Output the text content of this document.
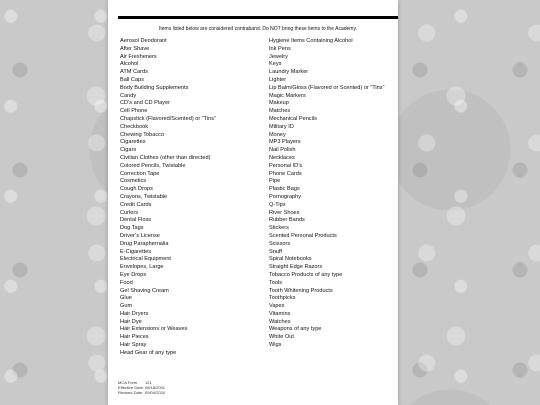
Items listed below are considered contraband. Do NOT bring these items to the Academy.
Aerosol Deodorant
After Shave
Air Fresheners
Alcohol
ATM Cards
Ball Caps
Body Building Supplements
Candy
CD’s and CD Player
Cell Phone
Chapstick (Flavored/Scented) or “Tins”
Checkbook
Chewing Tobacco
Cigarettes
Cigars
Civilian Clothes (other than directed)
Colored Pencils, Twistable
Correction Tape
Cosmetics
Cough Drops
Crayons, Twistable
Credit Cards
Curlers
Dental Floss
Dog Tags
Driver’s License
Drug Paraphernalia
E-Cigarettes
Electrical Equipment
Envelopes, Large
Eye Drops
Food
Gel Shaving Cream
Glue
Gum
Hair Dryers
Hair Dye
Hair Extensions or Weaves
Hair Pieces
Hair Spray
Head Gear of any type
Hygiene Items Containing Alcohol
Ink Pens
Jewelry
Keys
Laundry Marker
Lighter
Lip Balm/Gloss (Flavored or Scented) or “Tins”
Magic Markers
Makeup
Matches
Mechanical Pencils
Military ID
Money
MP3 Players
Nail Polish
Necklaces
Personal ID’s
Phone Cards
Pipe
Plastic Bags
Pornography
Q-Tips
River Shoes
Rubber Bands
Stickers
Scented Personal Products
Scissors
Snuff
Spiral Notebooks
Straight Edge Razors
Tobacco Products of any type
Tools
Tooth Whitening Products
Toothpicks
Vapes
Vitamins
Watches
Weapons of any type
White Out
Wigs
MCA Form	121
Effective Date: 08/18/2001
Revised Date: 09/04/2020
